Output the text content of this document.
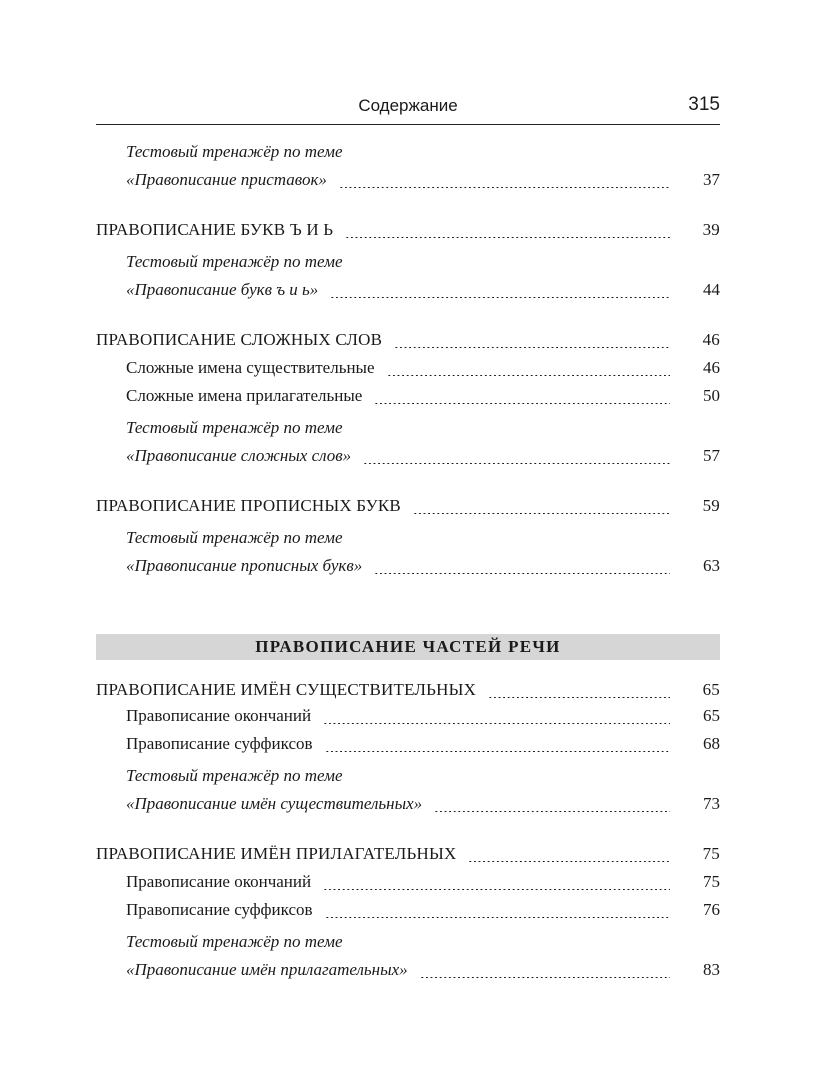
Содержание	315
Тестовый тренажёр по теме
«Правописание приставок»	37
ПРАВОПИСАНИЕ БУКВ Ъ И Ь	39
Тестовый тренажёр по теме
«Правописание букв ъ и ь»	44
ПРАВОПИСАНИЕ СЛОЖНЫХ СЛОВ	46
Сложные имена существительные	46
Сложные имена прилагательные	50
Тестовый тренажёр по теме
«Правописание сложных слов»	57
ПРАВОПИСАНИЕ ПРОПИСНЫХ БУКВ	59
Тестовый тренажёр по теме
«Правописание прописных букв»	63
ПРАВОПИСАНИЕ ЧАСТЕЙ РЕЧИ
ПРАВОПИСАНИЕ ИМЁН СУЩЕСТВИТЕЛЬНЫХ	65
Правописание окончаний	65
Правописание суффиксов	68
Тестовый тренажёр по теме
«Правописание имён существительных»	73
ПРАВОПИСАНИЕ ИМЁН ПРИЛАГАТЕЛЬНЫХ	75
Правописание окончаний	75
Правописание суффиксов	76
Тестовый тренажёр по теме
«Правописание имён прилагательных»	83
